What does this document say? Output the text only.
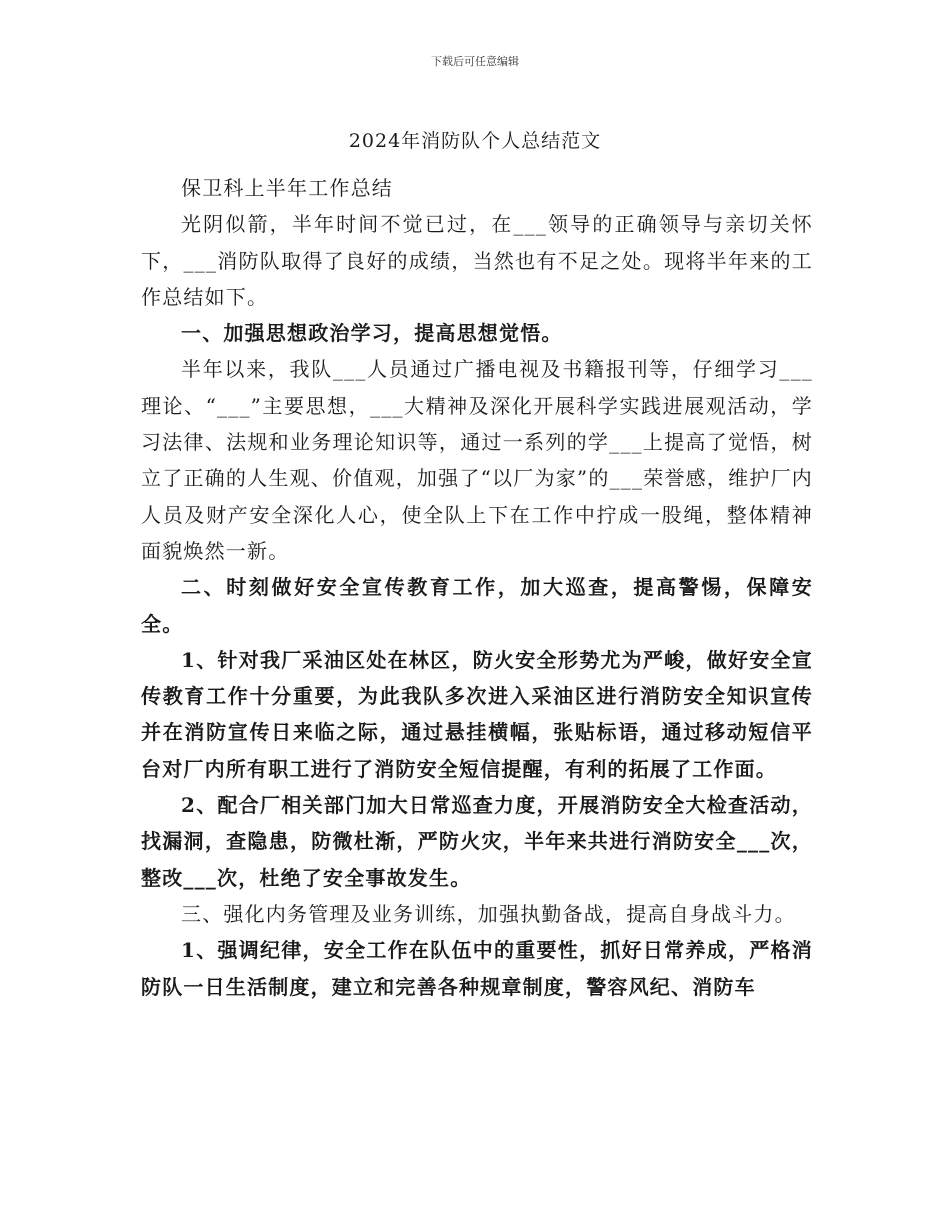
下载后可任意编辑
2024年消防队个人总结范文

保卫科上半年工作总结

光阴似箭，半年时间不觉已过，在___领导的正确领导与亲切关怀下，___消防队取得了良好的成绩，当然也有不足之处。现将半年来的工作总结如下。

一、加强思想政治学习，提高思想觉悟。

半年以来，我队___人员通过广播电视及书籍报刊等，仔细学习___理论、“___”主要思想，___大精神及深化开展科学实践进展观活动，学习法律、法规和业务理论知识等，通过一系列的学___上提高了觉悟，树立了正确的人生观、价值观，加强了“以厂为家”的___荣誉感，维护厂内人员及财产安全深化人心，使全队上下在工作中拧成一股绳，整体精神面貌焕然一新。

二、时刻做好安全宣传教育工作，加大巡查，提高警惕，保障安全。

1、针对我厂采油区处在林区，防火安全形势尤为严峻，做好安全宣传教育工作十分重要，为此我队多次进入采油区进行消防安全知识宣传并在消防宣传日来临之际，通过悬挂横幅，张贴标语，通过移动短信平台对厂内所有职工进行了消防安全短信提醒，有利的拓展了工作面。

2、配合厂相关部门加大日常巡查力度，开展消防安全大检查活动，找漏洞，查隐患，防微杜渐，严防火灾，半年来共进行消防安全___次，整改___次，杜绝了安全事故发生。

三、强化内务管理及业务训练，加强执勤备战，提高自身战斗力。

1、强调纪律，安全工作在队伍中的重要性，抓好日常养成，严格消防队一日生活制度，建立和完善各种规章制度，警容风纪、消防车
